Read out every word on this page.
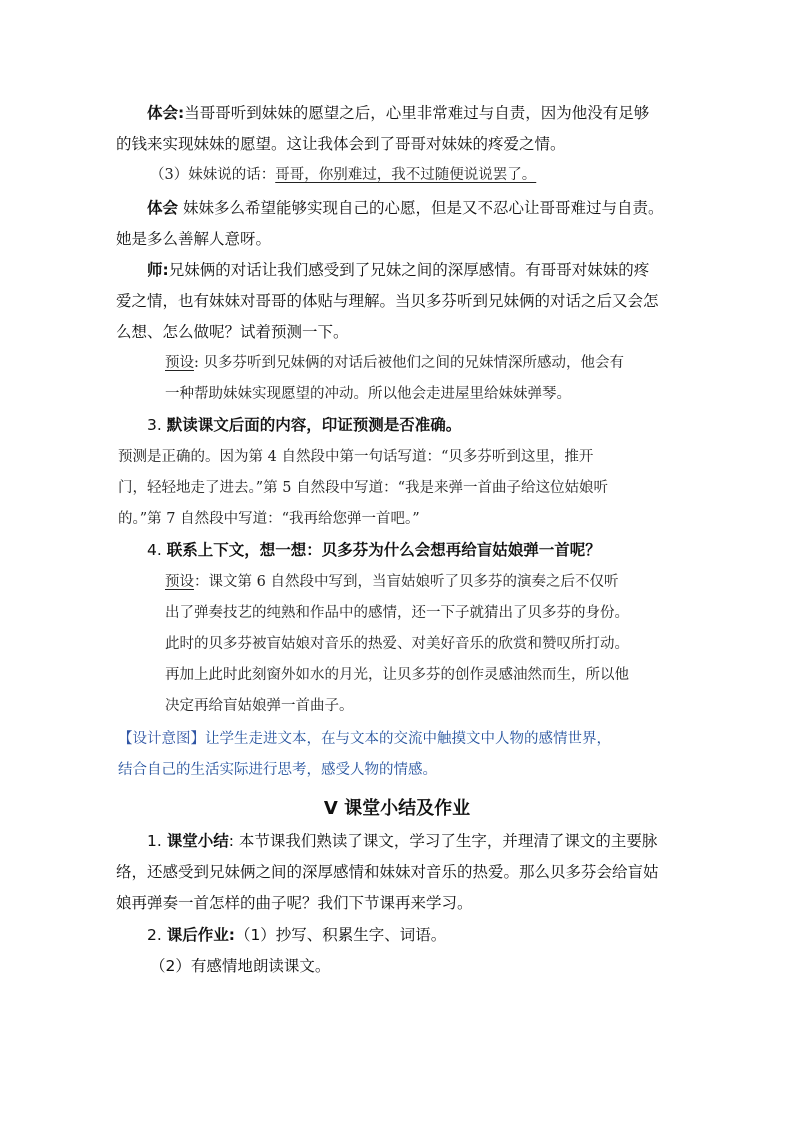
体会:当哥哥听到妹妹的愿望之后，心里非常难过与自责，因为他没有足够
的钱来实现妹妹的愿望。这让我体会到了哥哥对妹妹的疼爱之情。
（3）妹妹说的话：哥哥，你别难过，我不过随便说说罢了。
体会 妹妹多么希望能够实现自己的心愿，但是又不忍心让哥哥难过与自责。
她是多么善解人意呀。
师:兄妹俩的对话让我们感受到了兄妹之间的深厚感情。有哥哥对妹妹的疼
爱之情，也有妹妹对哥哥的体贴与理解。当贝多芬听到兄妹俩的对话之后又会怎
么想、怎么做呢？试着预测一下。
预设: 贝多芬听到兄妹俩的对话后被他们之间的兄妹情深所感动，他会有
一种帮助妹妹实现愿望的冲动。所以他会走进屋里给妹妹弹琴。
3. 默读课文后面的内容，印证预测是否准确。
预测是正确的。因为第 4 自然段中第一句话写道：“贝多芬听到这里，推开
门，轻轻地走了进去。”第 5 自然段中写道：“我是来弹一首曲子给这位姑娘听
的。”第 7 自然段中写道：“我再给您弹一首吧。”
4. 联系上下文，想一想：贝多芬为什么会想再给盲姑娘弹一首呢？
预设：课文第 6 自然段中写到，当盲姑娘听了贝多芬的演奏之后不仅听
出了弹奏技艺的纯熟和作品中的感情，还一下子就猜出了贝多芬的身份。
此时的贝多芬被盲姑娘对音乐的热爱、对美好音乐的欣赏和赞叹所打动。
再加上此时此刻窗外如水的月光，让贝多芬的创作灵感油然而生，所以他
决定再给盲姑娘弹一首曲子。
【设计意图】让学生走进文本，在与文本的交流中触摸文中人物的感情世界，
结合自己的生活实际进行思考，感受人物的情感。
V 课堂小结及作业
1. 课堂小结: 本节课我们熟读了课文，学习了生字，并理清了课文的主要脉
络，还感受到兄妹俩之间的深厚感情和妹妹对音乐的热爱。那么贝多芬会给盲姑
娘再弹奏一首怎样的曲子呢？我们下节课再来学习。
2. 课后作业:（1）抄写、积累生字、词语。
（2）有感情地朗读课文。
